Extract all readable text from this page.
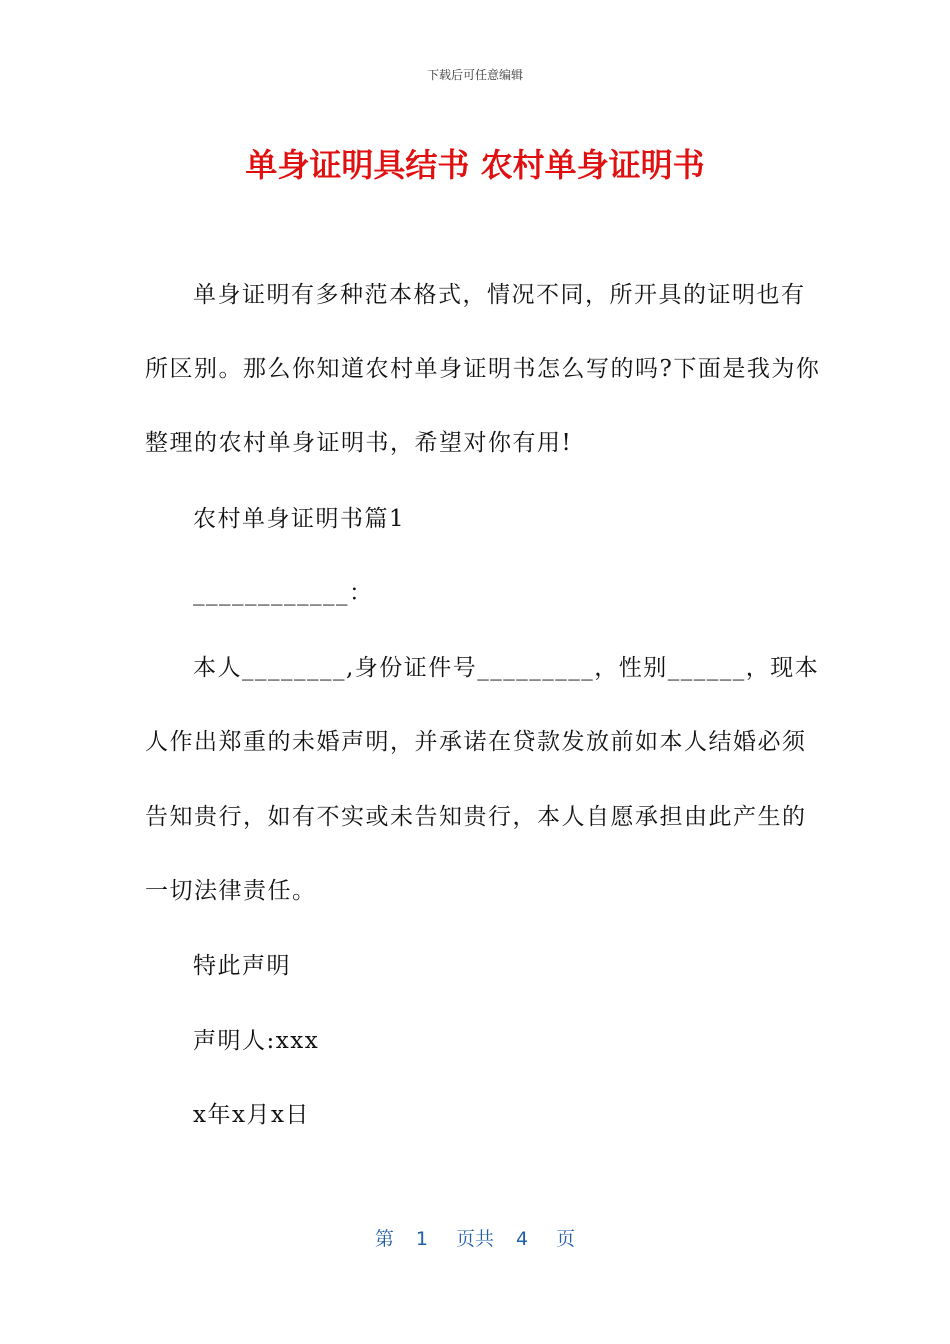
下载后可任意编辑
单身证明具结书 农村单身证明书
单身证明有多种范本格式，情况不同，所开具的证明也有
所区别。那么你知道农村单身证明书怎么写的吗?下面是我为你
整理的农村单身证明书，希望对你有用!
农村单身证明书篇1
____________：
本人________,身份证件号_________，性别______，现本
人作出郑重的未婚声明，并承诺在贷款发放前如本人结婚必须
告知贵行，如有不实或未告知贵行，本人自愿承担由此产生的
一切法律责任。
特此声明
声明人:xxx
x年x月x日
第 1 页共 4 页
